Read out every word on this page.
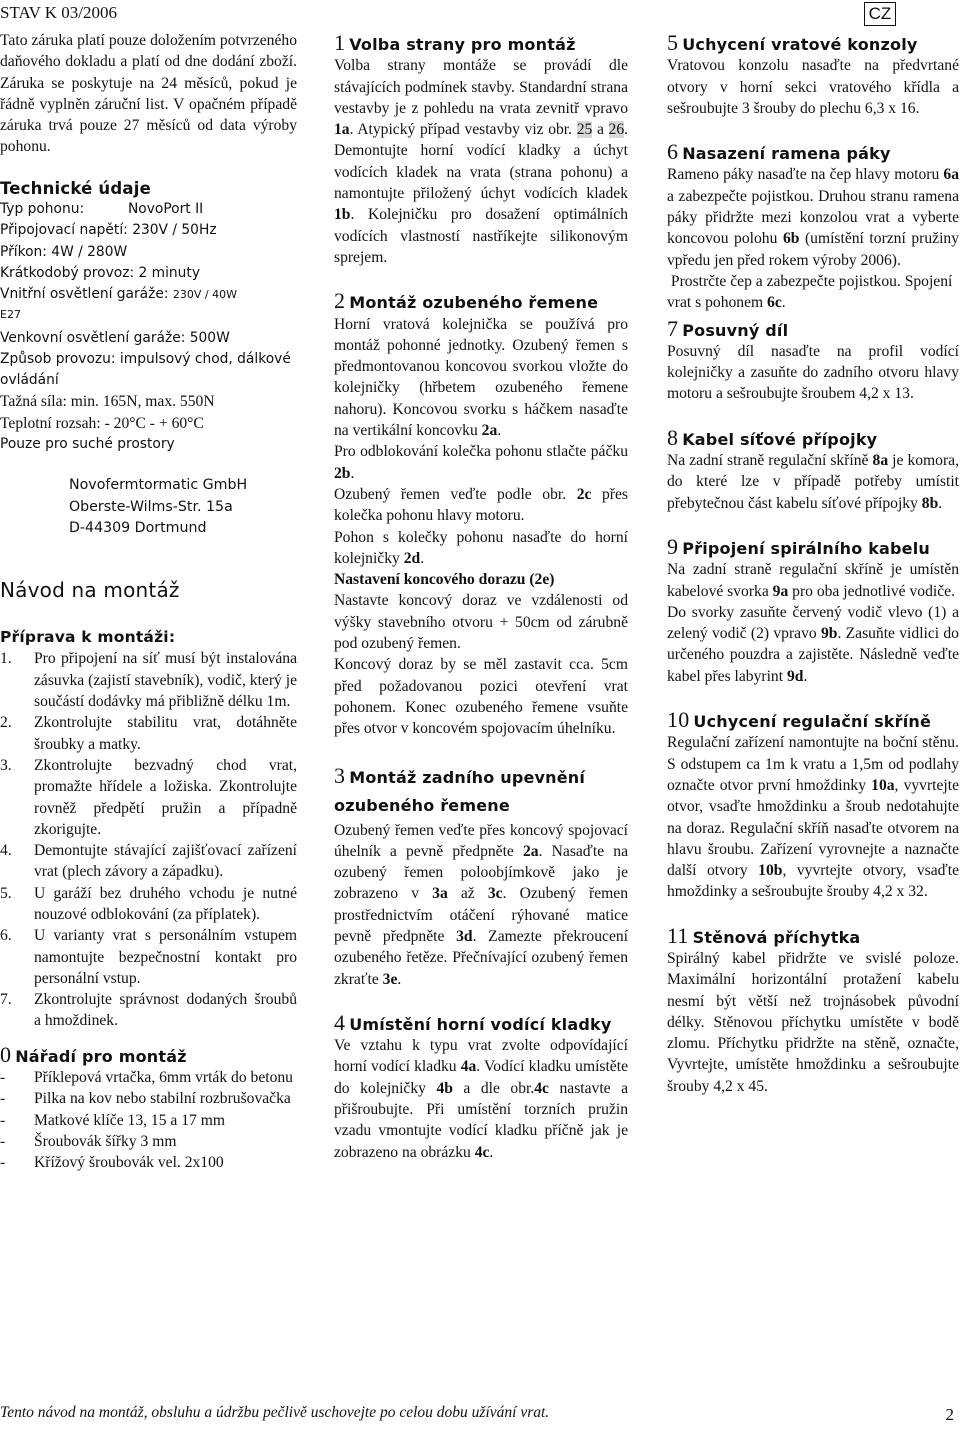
STAV K 03/2006	CZ

Tato záruka platí pouze doložením potvrzeného daňového dokladu a platí od dne dodání zboží. Záruka se poskytuje na 24 měsíců, pokud je řádně vyplněn záruční list. V opačném případě záruka trvá pouze 27 měsíců od data výroby pohonu.

Technické údaje

Typ pohonu:          NovoPort II

Připojovací napětí: 230V / 50Hz

Příkon: 4W / 280W

Krátkodobý provoz: 2 minuty

Vnitřní osvětlení garáže: 230V / 40W

E27

Venkovní osvětlení garáže: 500W

Způsob provozu: impulsový chod, dálkové ovládání

Tažná síla: min. 165N, max. 550N

Teplotní rozsah: - 20°C - + 60°C

Pouze pro suché prostory

Novofermtormatic GmbH

Oberste-Wilms-Str. 15a

D-44309 Dortmund

Návod na montáž

Příprava k montáži:

1. Pro připojení na síť musí být instalována zásuvka (zajistí stavebník), vodič, který je součástí dodávky má přibližně délku 1m.
2. Zkontrolujte stabilitu vrat, dotáhněte šroubky a matky.
3. Zkontrolujte bezvadný chod vrat, promažte hřídele a ložiska. Zkontrolujte rovněž předpětí pružin a případně zkorigujte.
4. Demontujte stávající zajišťovací zařízení vrat (plech závory a západku).
5. U garáží bez druhého vchodu je nutné nouzové odblokování (za příplatek).
6. U varianty vrat s personálním vstupem namontujte bezpečnostní kontakt pro personální vstup.
7. Zkontrolujte správnost dodaných šroubů a hmoždinek.

0 Nářadí pro montáž

- Příklepová vrtačka, 6mm vrták do betonu
- Pilka na kov nebo stabilní rozbrušovačka
- Matkové klíče 13, 15 a 17 mm
- Šroubovák šířky 3 mm
- Křížový šroubovák vel. 2x100

1 Volba strany pro montáž

Volba strany montáže se provádí dle stávajících podmínek stavby. Standardní strana vestavby je z pohledu na vrata zevnitř vpravo 1a. Atypický případ vestavby viz obr. 25 a 26. Demontujte horní vodící kladky a úchyt vodících kladek na vrata (strana pohonu) a namontujte přiložený úchyt vodících kladek 1b. Kolejničku pro dosažení optimálních vodících vlastností nastříkejte silikonovým sprejem.

2 Montáž ozubeného řemene

Horní vratová kolejnička se používá pro montáž pohonné jednotky. Ozubený řemen s předmontovanou koncovou svorkou vložte do kolejničky (hřbetem ozubeného řemene nahoru). Koncovou svorku s háčkem nasaďte na vertikální koncovku 2a.

Pro odblokování kolečka pohonu stlačte páčku 2b.

Ozubený řemen veďte podle obr. 2c přes kolečka pohonu hlavy motoru.

Pohon s kolečky pohonu nasaďte do horní kolejničky 2d.

Nastavení koncového dorazu (2e)

Nastavte koncový doraz ve vzdálenosti od výšky stavebního otvoru + 50cm od zárubně pod ozubený řemen.

Koncový doraz by se měl zastavit cca. 5cm před požadovanou pozici otevření vrat pohonem. Konec ozubeného řemene vsuňte přes otvor v koncovém spojovacím úhelníku.

3 Montáž zadního upevnění ozubeného řemene

Ozubený řemen veďte přes koncový spojovací úhelník a pevně předpněte 2a. Nasaďte na ozubený řemen poloobjímkově jako je zobrazeno v 3a až 3c. Ozubený řemen prostřednictvím otáčení rýhované matice pevně předpněte 3d. Zamezte překroucení ozubeného řetěze. Přečnívající ozubený řemen zkraťte 3e.

4 Umístění horní vodící kladky

Ve vztahu k typu vrat zvolte odpovídající horní vodící kladku 4a. Vodící kladku umístěte do kolejničky 4b a dle obr.4c nastavte a přišroubujte. Při umístění torzních pružin vzadu vmontujte vodící kladku příčně jak je zobrazeno na obrázku 4c.

5 Uchycení vratové konzoly

Vratovou konzolu nasaďte na předvrtané otvory v horní sekci vratového křídla a sešroubujte 3 šrouby do plechu 6,3 x 16.

6 Nasazení ramena páky

Rameno páky nasaďte na čep hlavy motoru 6a a zabezpečte pojistkou. Druhou stranu ramena páky přidržte mezi konzolou vrat a vyberte koncovou polohu 6b (umístění torzní pružiny vpředu jen před rokem výroby 2006).

Prostrčte čep a zabezpečte pojistkou. Spojení vrat s pohonem 6c.

7 Posuvný díl

Posuvný díl nasaďte na profil vodící kolejničky a zasuňte do zadního otvoru hlavy motoru a sešroubujte šroubem 4,2 x 13.

8 Kabel síťové přípojky

Na zadní straně regulační skříně 8a je komora, do které lze v případě potřeby umístit přebytečnou část kabelu síťové přípojky 8b.

9 Připojení spirálního kabelu

Na zadní straně regulační skříně je umístěn kabelové svorka 9a pro oba jednotlivé vodiče.

Do svorky zasuňte červený vodič vlevo (1) a zelený vodič (2) vpravo 9b. Zasuňte vidlici do určeného pouzdra a zajistěte. Následně veďte kabel přes labyrint 9d.

10 Uchycení regulační skříně

Regulační zařízení namontujte na boční stěnu. S odstupem ca 1m k vratu a 1,5m od podlahy označte otvor první hmoždinky 10a, vyvrtejte otvor, vsaďte hmoždinku a šroub nedotahujte na doraz. Regulační skříň nasaďte otvorem na hlavu šroubu. Zařízení vyrovnejte a naznačte další otvory 10b, vyvrtejte otvory, vsaďte hmoždinky a sešroubujte šrouby 4,2 x 32.

11 Stěnová příchytka

Spirálný kabel přidržte ve svislé poloze. Maximální horizontální protažení kabelu nesmí být větší než trojnásobek původní délky. Stěnovou příchytku umístěte v bodě zlomu. Příchytku přidržte na stěně, označte, Vyvrtejte, umístěte hmoždinku a sešroubujte šrouby 4,2 x 45.

Tento návod na montáž, obsluhu a údržbu pečlivě uschovejte po celou dobu užívání vrat.	2
